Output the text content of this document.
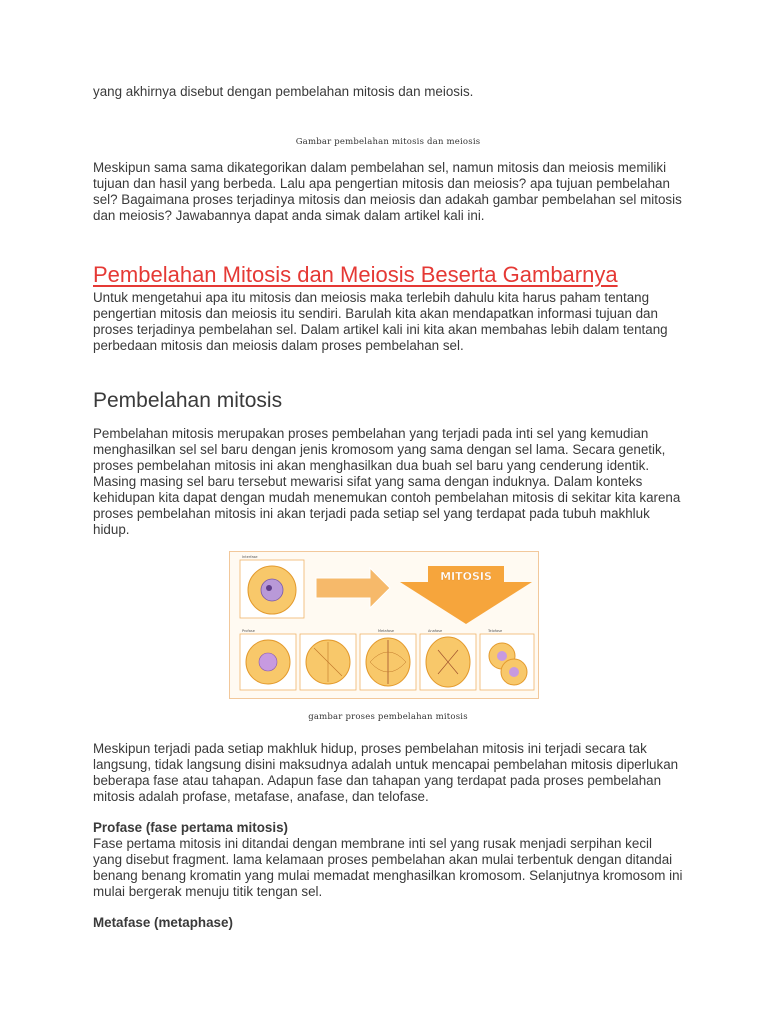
yang akhirnya disebut dengan pembelahan mitosis dan meiosis.

Gambar pembelahan mitosis dan meiosis

Meskipun sama sama dikategorikan dalam pembelahan sel, namun mitosis dan meiosis memiliki tujuan dan hasil yang berbeda. Lalu apa pengertian mitosis dan meiosis? apa tujuan pembelahan sel? Bagaimana proses terjadinya mitosis dan meiosis dan adakah gambar pembelahan sel mitosis dan meiosis? Jawabannya dapat anda simak dalam artikel kali ini.

Pembelahan Mitosis dan Meiosis Beserta Gambarnya

Untuk mengetahui apa itu mitosis dan meiosis maka terlebih dahulu kita harus paham tentang pengertian mitosis dan meiosis itu sendiri. Barulah kita akan mendapatkan informasi tujuan dan proses terjadinya pembelahan sel. Dalam artikel kali ini kita akan membahas lebih dalam tentang perbedaan mitosis dan meiosis dalam proses pembelahan sel.

Pembelahan mitosis

Pembelahan mitosis merupakan proses pembelahan yang terjadi pada inti sel yang kemudian menghasilkan sel sel baru dengan jenis kromosom yang sama dengan sel lama. Secara genetik, proses pembelahan mitosis ini akan menghasilkan dua buah sel baru yang cenderung identik. Masing masing sel baru tersebut mewarisi sifat yang sama dengan induknya. Dalam konteks kehidupan kita dapat dengan mudah menemukan contoh pembelahan mitosis di sekitar kita karena proses pembelahan mitosis ini akan terjadi pada setiap sel yang terdapat pada tubuh makhluk hidup.

Interfase
MITOSIS
Profase	Metafase	Anafase	Telofase

gambar proses pembelahan mitosis

Meskipun terjadi pada setiap makhluk hidup, proses pembelahan mitosis ini terjadi secara tak langsung, tidak langsung disini maksudnya adalah untuk mencapai pembelahan mitosis diperlukan beberapa fase atau tahapan. Adapun fase dan tahapan yang terdapat pada proses pembelahan mitosis adalah profase, metafase, anafase, dan telofase.

Profase (fase pertama mitosis)

Fase pertama mitosis ini ditandai dengan membrane inti sel yang rusak menjadi serpihan kecil yang disebut fragment. lama kelamaan proses pembelahan akan mulai terbentuk dengan ditandai benang benang kromatin yang mulai memadat menghasilkan kromosom. Selanjutnya kromosom ini mulai bergerak menuju titik tengan sel.

Metafase (metaphase)
